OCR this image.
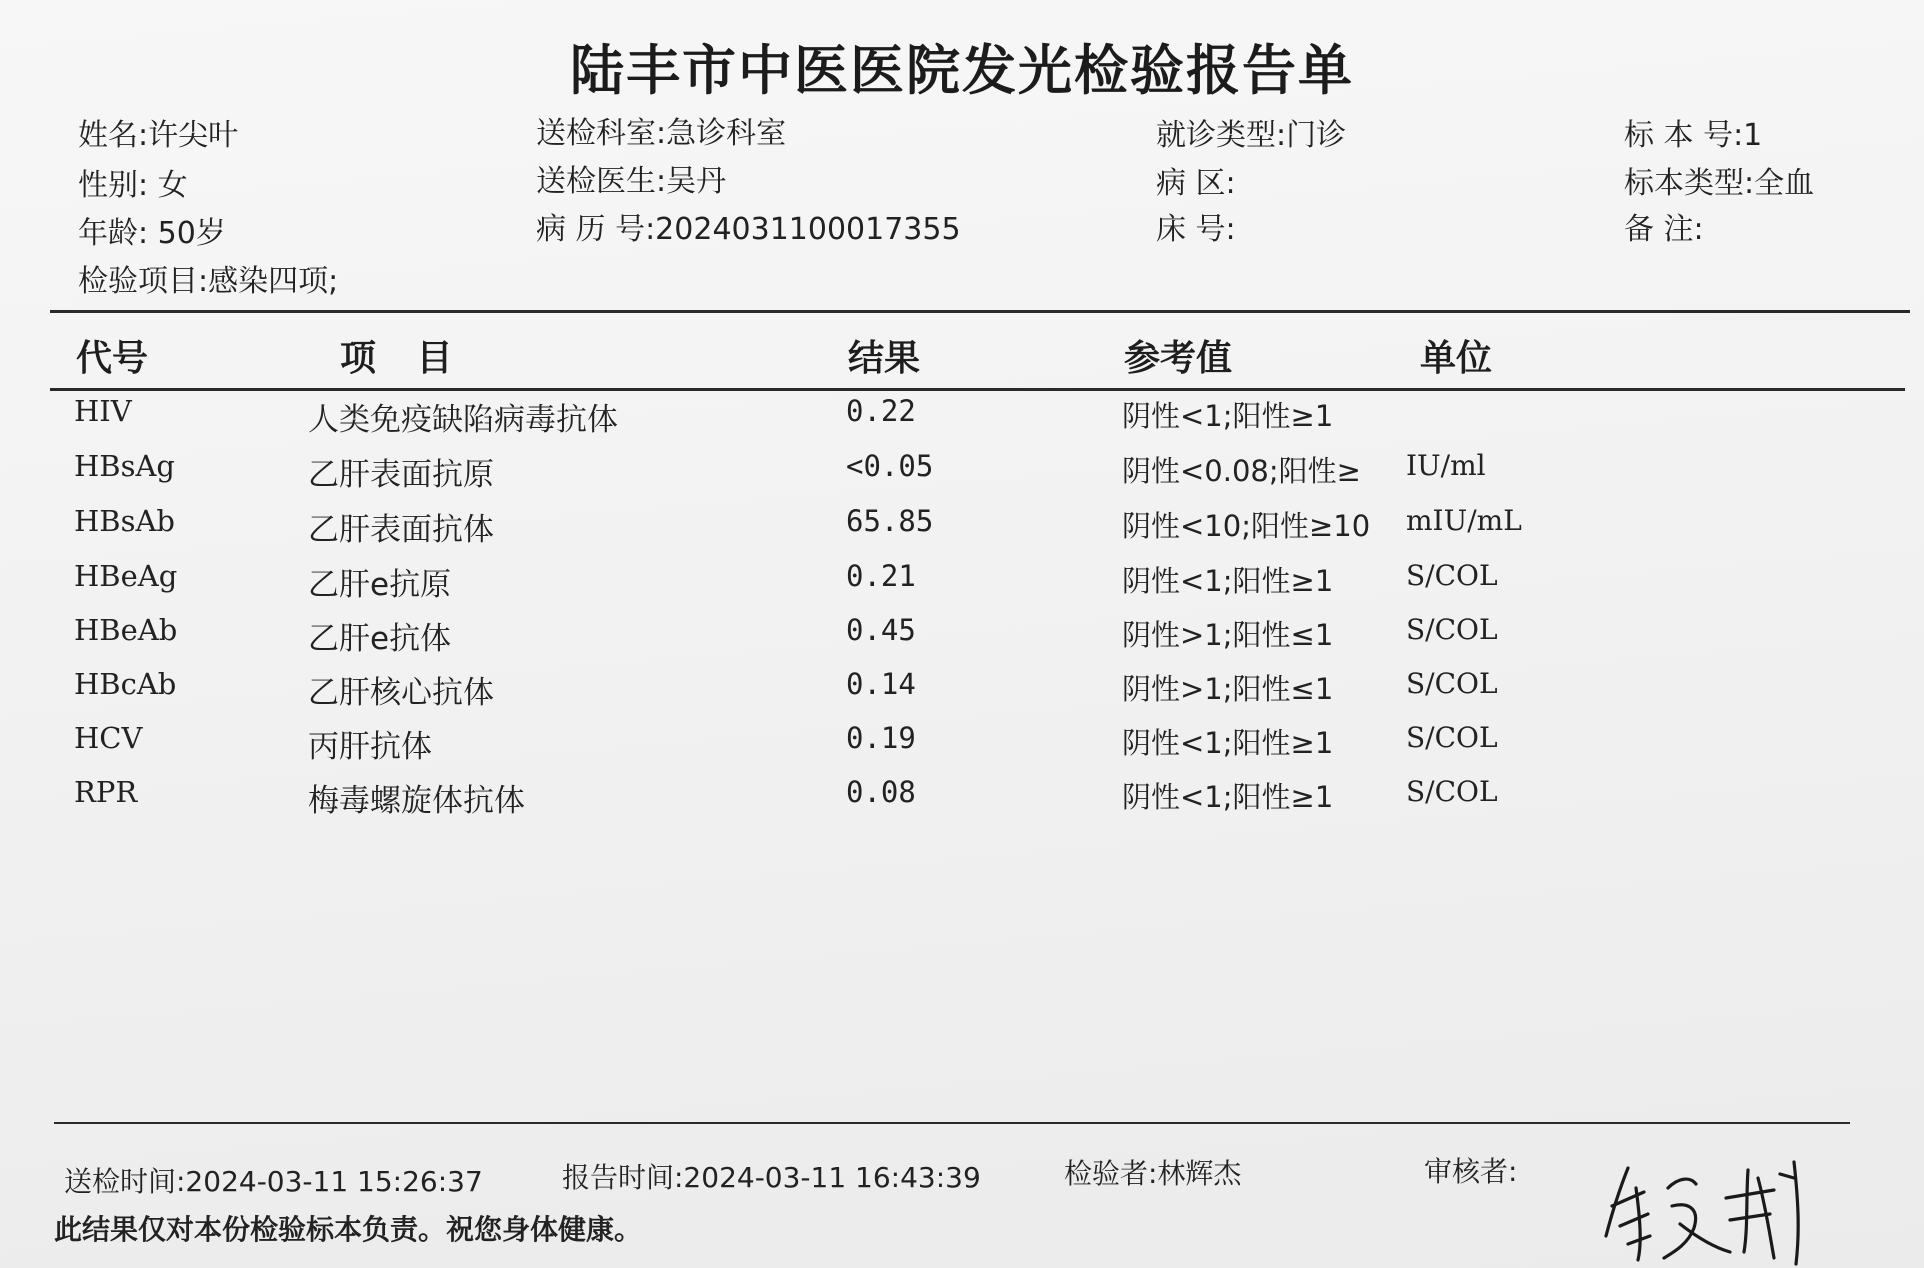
陆丰市中医医院发光检验报告单
姓名:许尖叶
性别: 女
年龄: 50岁
检验项目:感染四项;
送检科室:急诊科室
送检医生:吴丹
病 历 号:2024031100017355
就诊类型:门诊
病 区:
床 号:
标 本 号:1
标本类型:全血
备 注:
代号	项 目	结果	参考值	单位
HIV	人类免疫缺陷病毒抗体	0.22	阴性<1;阳性≥1
HBsAg	乙肝表面抗原	<0.05	阴性<0.08;阳性≥ IU/ml
HBsAb	乙肝表面抗体	65.85	阴性<10;阳性≥10 mIU/mL
HBeAg	乙肝e抗原	0.21	阴性<1;阳性≥1	S/COL
HBeAb	乙肝e抗体	0.45	阴性>1;阳性≤1	S/COL
HBcAb	乙肝核心抗体	0.14	阴性>1;阳性≤1	S/COL
HCV	丙肝抗体	0.19	阴性<1;阳性≥1	S/COL
RPR	梅毒螺旋体抗体	0.08	阴性<1;阳性≥1	S/COL
送检时间:2024-03-11 15:26:37	报告时间:2024-03-11 16:43:39	检验者:林辉杰	审核者:
此结果仅对本份检验标本负责。祝您身体健康。
